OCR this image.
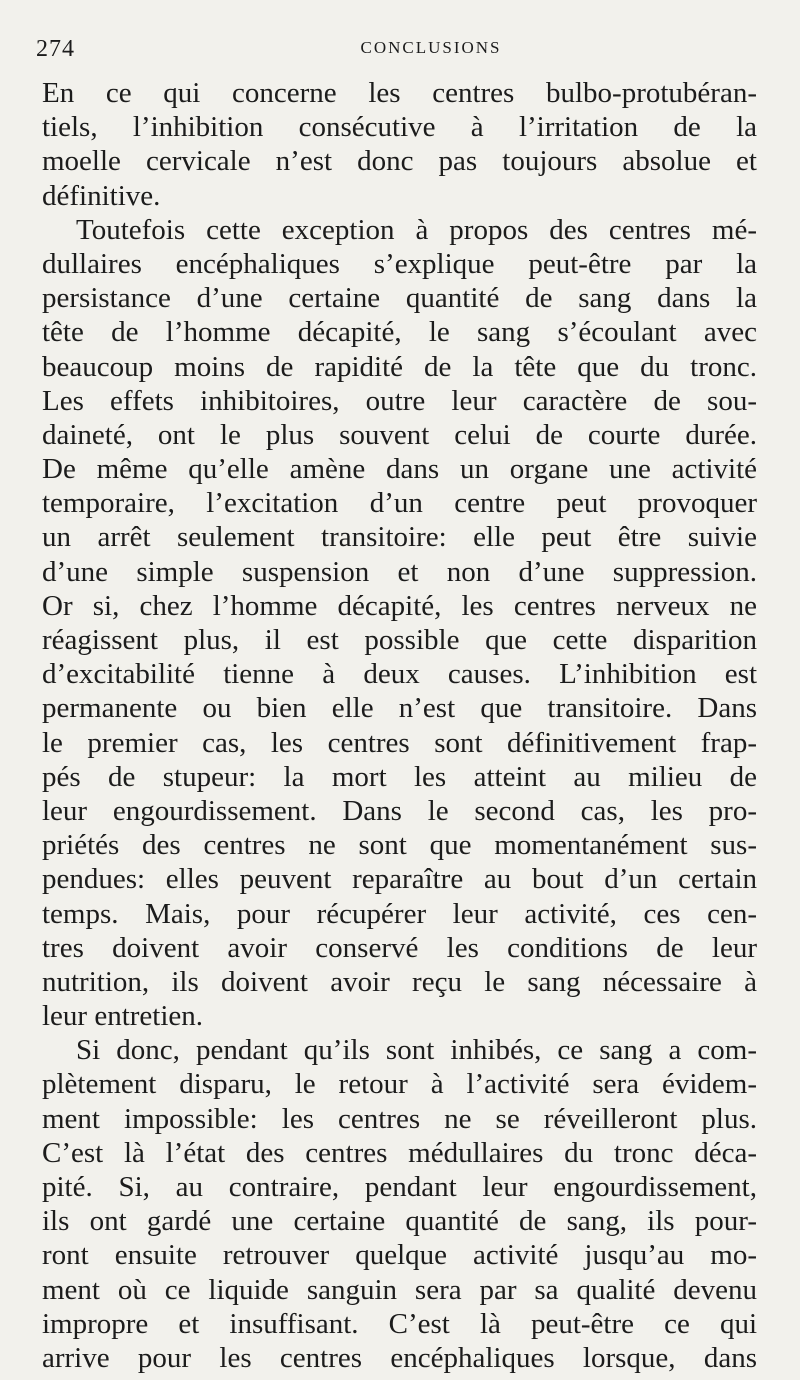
274	CONCLUSIONS
En ce qui concerne les centres bulbo-protubéran-
tiels, l’inhibition consécutive à l’irritation de la
moelle cervicale n’est donc pas toujours absolue et
définitive.
Toutefois cette exception à propos des centres mé-
dullaires encéphaliques s’explique peut-être par la
persistance d’une certaine quantité de sang dans la
tête de l’homme décapité, le sang s’écoulant avec
beaucoup moins de rapidité de la tête que du tronc.
Les effets inhibitoires, outre leur caractère de sou-
daineté, ont le plus souvent celui de courte durée.
De même qu’elle amène dans un organe une activité
temporaire, l’excitation d’un centre peut provoquer
un arrêt seulement transitoire: elle peut être suivie
d’une simple suspension et non d’une suppression.
Or si, chez l’homme décapité, les centres nerveux ne
réagissent plus, il est possible que cette disparition
d’excitabilité tienne à deux causes. L’inhibition est
permanente ou bien elle n’est que transitoire. Dans
le premier cas, les centres sont définitivement frap-
pés de stupeur: la mort les atteint au milieu de
leur engourdissement. Dans le second cas, les pro-
priétés des centres ne sont que momentanément sus-
pendues: elles peuvent reparaître au bout d’un certain
temps. Mais, pour récupérer leur activité, ces cen-
tres doivent avoir conservé les conditions de leur
nutrition, ils doivent avoir reçu le sang nécessaire à
leur entretien.
Si donc, pendant qu’ils sont inhibés, ce sang a com-
plètement disparu, le retour à l’activité sera évidem-
ment impossible: les centres ne se réveilleront plus.
C’est là l’état des centres médullaires du tronc déca-
pité. Si, au contraire, pendant leur engourdissement,
ils ont gardé une certaine quantité de sang, ils pour-
ront ensuite retrouver quelque activité jusqu’au mo-
ment où ce liquide sanguin sera par sa qualité devenu
impropre et insuffisant. C’est là peut-être ce qui
arrive pour les centres encéphaliques lorsque, dans
